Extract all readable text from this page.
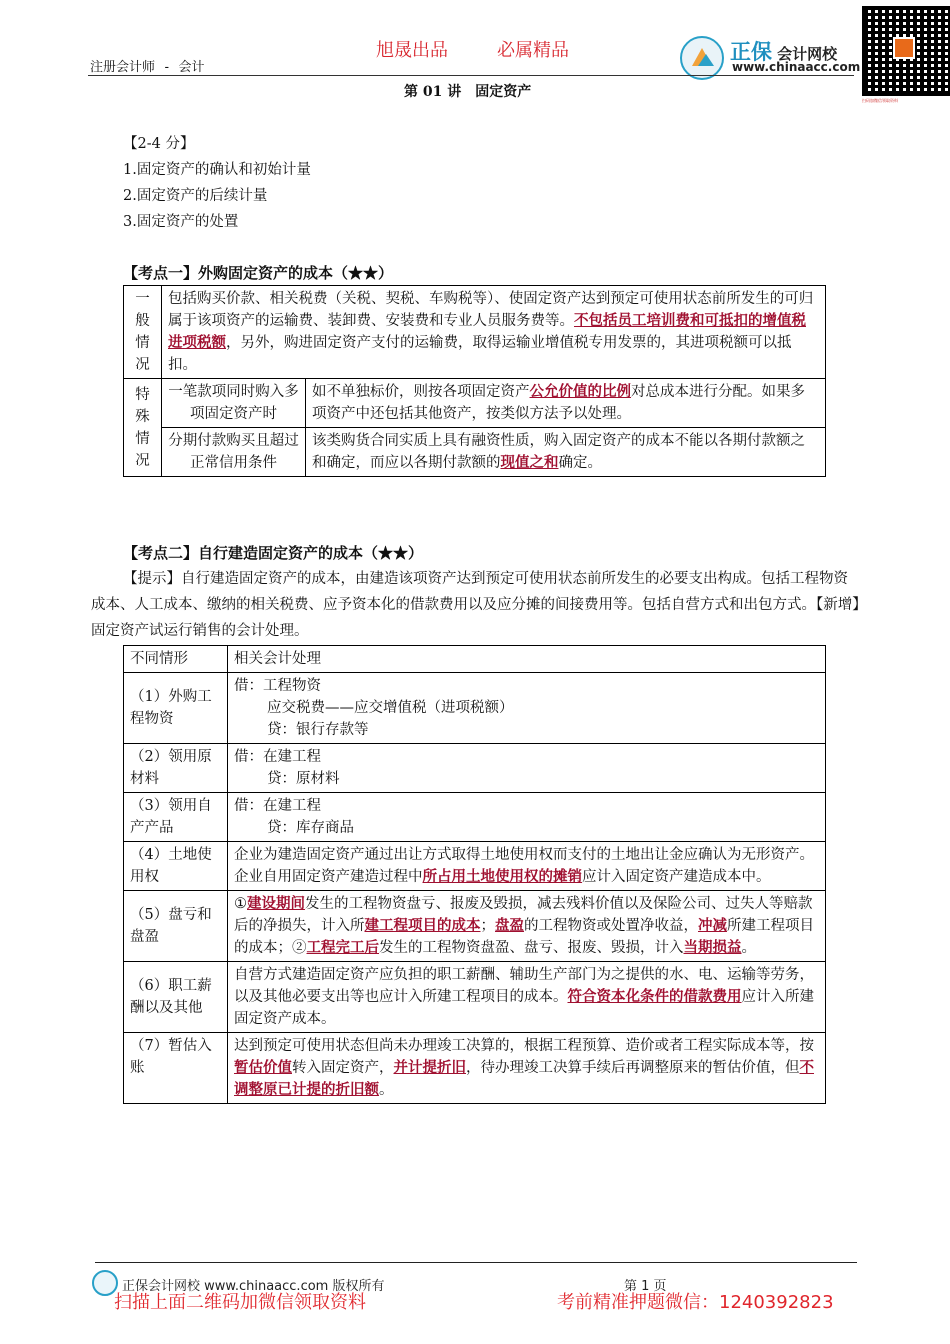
旭晟出品	必属精品
注册会计师 - 会计
正保 会计网校
www.chinaacc.com
扫码加微信领取资料
第 01 讲　固定资产
【2-4 分】
1.固定资产的确认和初始计量
2.固定资产的后续计量
3.固定资产的处置
【考点一】外购固定资产的成本（★★）
一
般
情
况	包括购买价款、相关税费（关税、契税、车购税等）、使固定资产达到预定可使用状态前所发生的可归属于该项资产的运输费、装卸费、安装费和专业人员服务费等。不包括员工培训费和可抵扣的增值税进项税额，另外，购进固定资产支付的运输费，取得运输业增值税专用发票的，其进项税额可以抵扣。	
特
殊
情
况	一笔款项同时购入多项固定资产时	如不单独标价，则按各项固定资产公允价值的比例对总成本进行分配。如果多项资产中还包括其他资产，按类似方法予以处理。
	分期付款购买且超过正常信用条件	该类购货合同实质上具有融资性质，购入固定资产的成本不能以各期付款额之和确定，而应以各期付款额的现值之和确定。
【考点二】自行建造固定资产的成本（★★）
【提示】自行建造固定资产的成本，由建造该项资产达到预定可使用状态前所发生的必要支出构成。包括工程物资成本、人工成本、缴纳的相关税费、应予资本化的借款费用以及应分摊的间接费用等。包括自营方式和出包方式。【新增】固定资产试运行销售的会计处理。
不同情形	相关会计处理
（1）外购工程物资	借：工程物资
应交税费——应交增值税（进项税额）
贷：银行存款等

（2）领用原材料	借：在建工程
贷：原材料

（3）领用自产产品	借：在建工程
贷：库存商品

（4）土地使用权	企业为建造固定资产通过出让方式取得土地使用权而支付的土地出让金应确认为无形资产。企业自用固定资产建造过程中所占用土地使用权的摊销应计入固定资产建造成本中。
（5）盘亏和盘盈	①建设期间发生的工程物资盘亏、报废及毁损，减去残料价值以及保险公司、过失人等赔款后的净损失，计入所建工程项目的成本；盘盈的工程物资或处置净收益，冲减所建工程项目的成本；②工程完工后发生的工程物资盘盈、盘亏、报废、毁损，计入当期损益。
（6）职工薪酬以及其他	自营方式建造固定资产应负担的职工薪酬、辅助生产部门为之提供的水、电、运输等劳务，以及其他必要支出等也应计入所建工程项目的成本。符合资本化条件的借款费用应计入所建固定资产成本。
（7）暂估入账	达到预定可使用状态但尚未办理竣工决算的，根据工程预算、造价或者工程实际成本等，按暂估价值转入固定资产，并计提折旧，待办理竣工决算手续后再调整原来的暂估价值，但不调整原已计提的折旧额。
正保会计网校 www.chinaacc.com 版权所有	第 1 页
扫描上面二维码加微信领取资料	考前精准押题微信：1240392823
